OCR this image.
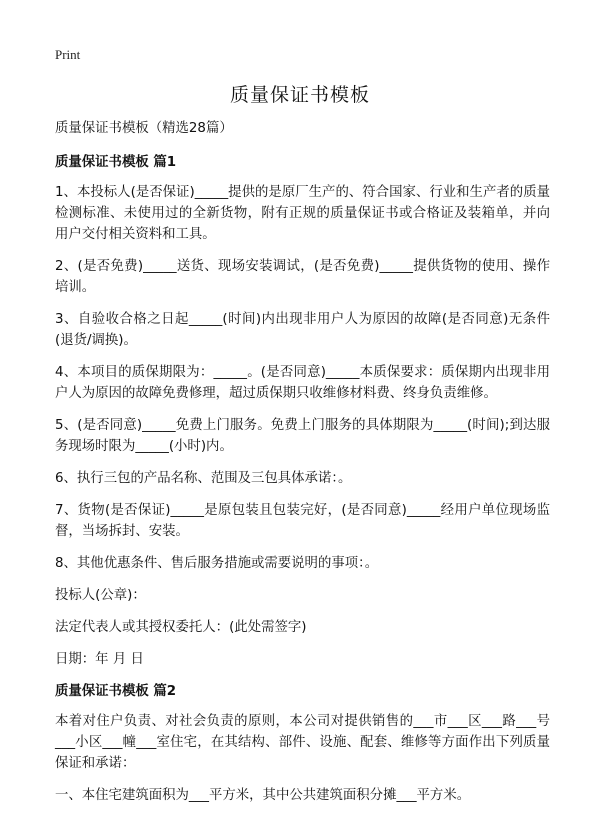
Print
质量保证书模板

质量保证书模板（精选28篇）

质量保证书模板 篇1

1、本投标人(是否保证)_____提供的是原厂生产的、符合国家、行业和生产者的质量检测标准、未使用过的全新货物，附有正规的质量保证书或合格证及装箱单，并向用户交付相关资料和工具。

2、(是否免费)_____送货、现场安装调试，(是否免费)_____提供货物的使用、操作培训。

3、自验收合格之日起_____(时间)内出现非用户人为原因的故障(是否同意)无条件(退货/调换)。

4、本项目的质保期限为：_____。(是否同意)_____本质保要求：质保期内出现非用户人为原因的故障免费修理，超过质保期只收维修材料费、终身负责维修。

5、(是否同意)_____免费上门服务。免费上门服务的具体期限为_____(时间);到达服务现场时限为_____(小时)内。

6、执行三包的产品名称、范围及三包具体承诺：。

7、货物(是否保证)_____是原包装且包装完好，(是否同意)_____经用户单位现场监督，当场拆封、安装。

8、其他优惠条件、售后服务措施或需要说明的事项：。

投标人(公章)：

法定代表人或其授权委托人：(此处需签字)

日期：年 月 日

质量保证书模板 篇2

本着对住户负责、对社会负责的原则，本公司对提供销售的___市___区___路___号___小区___幢___室住宅，在其结构、部件、设施、配套、维修等方面作出下列质量保证和承诺：

一、本住宅建筑面积为___平方米，其中公共建筑面积分摊___平方米。
